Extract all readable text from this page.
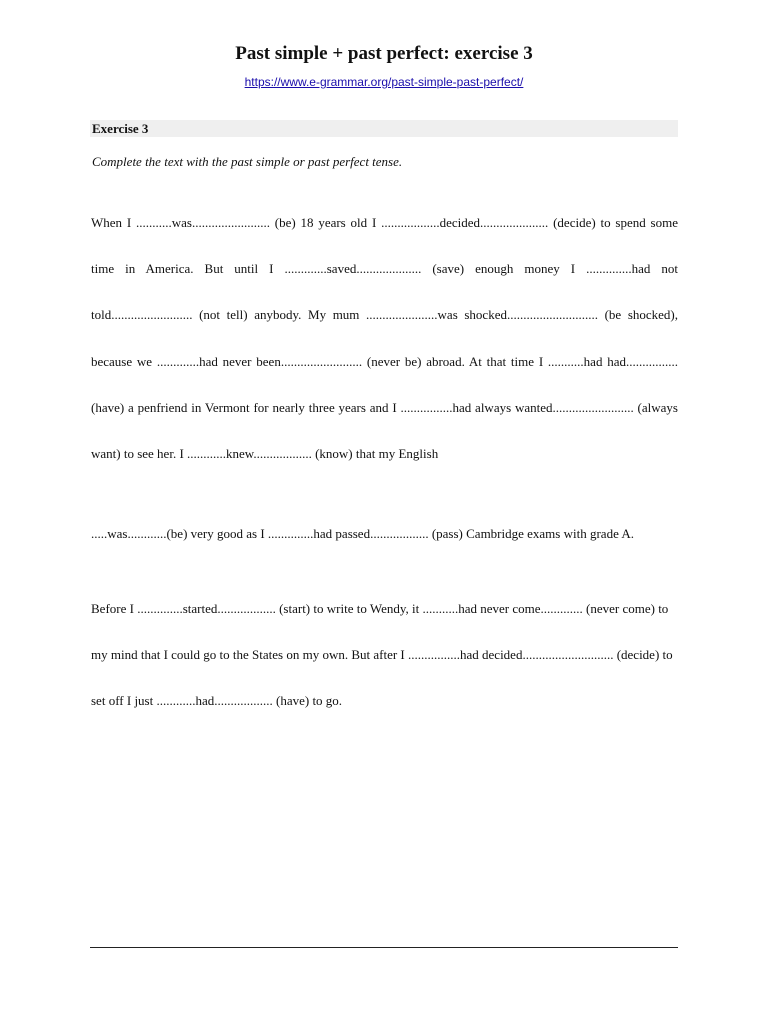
Past simple + past perfect: exercise 3
https://www.e-grammar.org/past-simple-past-perfect/
Exercise 3
Complete the text with the past simple or past perfect tense.

When I ...........was........................ (be) 18 years old I ..................decided..................... (decide) to spend some time in America. But until I .............saved.................... (save) enough money I ..............had not told......................... (not tell) anybody. My mum ......................was shocked............................ (be shocked), because we .............had never been......................... (never be) abroad. At that time I ...........had had................ (have) a penfriend in Vermont for nearly three years and I ................had always wanted......................... (always want) to see her. I ............knew.................. (know) that my English

.....was............(be) very good as I ..............had passed.................. (pass) Cambridge exams with grade A.

Before I ..............started.................. (start) to write to Wendy, it ...........had never come............. (never come) to my mind that I could go to the States on my own. But after I ................had decided............................ (decide) to set off I just ............had.................. (have) to go.
